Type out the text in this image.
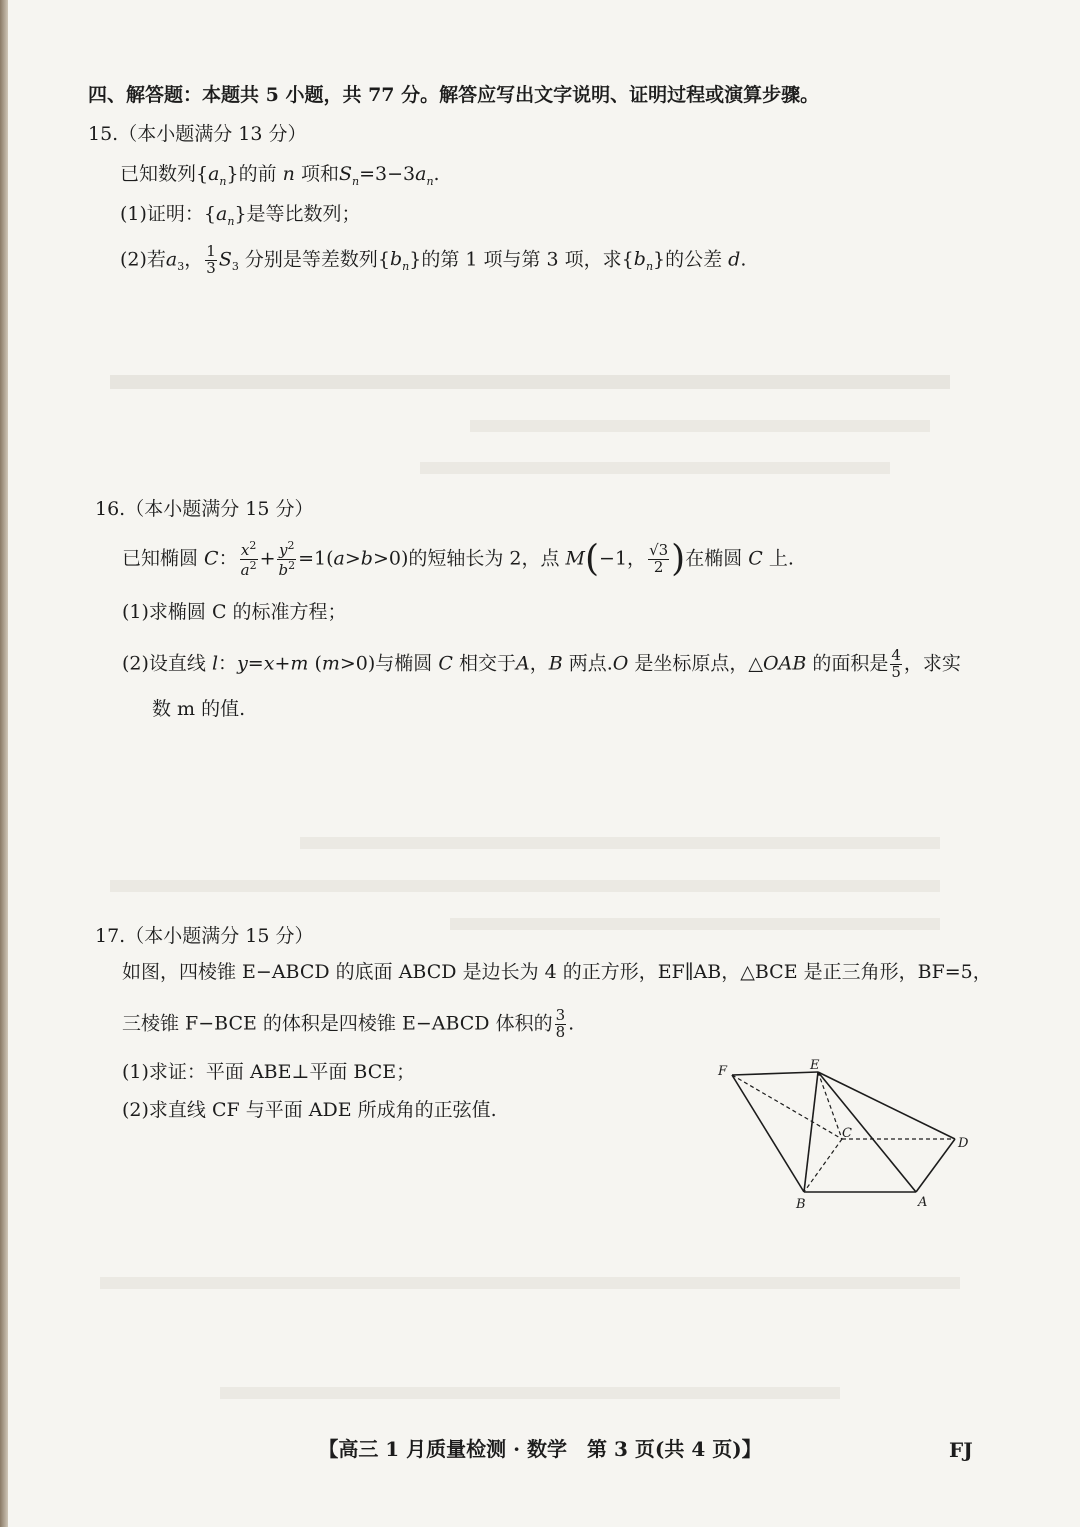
四、解答题：本题共 5 小题，共 77 分。解答应写出文字说明、证明过程或演算步骤。
15.（本小题满分 13 分）
已知数列$\{a_n\}$的前 n 项和$S_n=3-3a_n$.
(1)证明：$\{a_n\}$是等比数列；
(2)若$a_3$， $\frac{1}{3} S_3$ 分别是等差数列$\{b_n\}$的第 1 项与第 3 项，求$\{b_n\}$的公差 d.
16.（本小题满分 15 分）
已知椭圆 C： $\frac{x^2}{a^2} + \frac{y^2}{b^2} =1(a>b>0)$的短轴长为 2，点 M(−1， $\frac{√3}{2}$ )在椭圆 C 上.
(1)求椭圆 C 的标准方程；
(2)设直线 l：y=x+m (m>0)与椭圆 C 相交于A，B 两点.O 是坐标原点，△OAB 的面积是 $\frac{4}{5}$ ，求实
数 m 的值.
17.（本小题满分 15 分）
如图，四棱锥 E−ABCD 的底面 ABCD 是边长为 4 的正方形，EF∥AB，△BCE 是正三角形，BF=5，
三棱锥 F−BCE 的体积是四棱锥 E−ABCD 体积的 $\frac{3}{8}$ .
(1)求证：平面 ABE⊥平面 BCE；
(2)求直线 CF 与平面 ADE 所成角的正弦值.
F	E
C
D
B	A
【高三 1 月质量检测 · 数学　第 3 页(共 4 页)】	FJ
